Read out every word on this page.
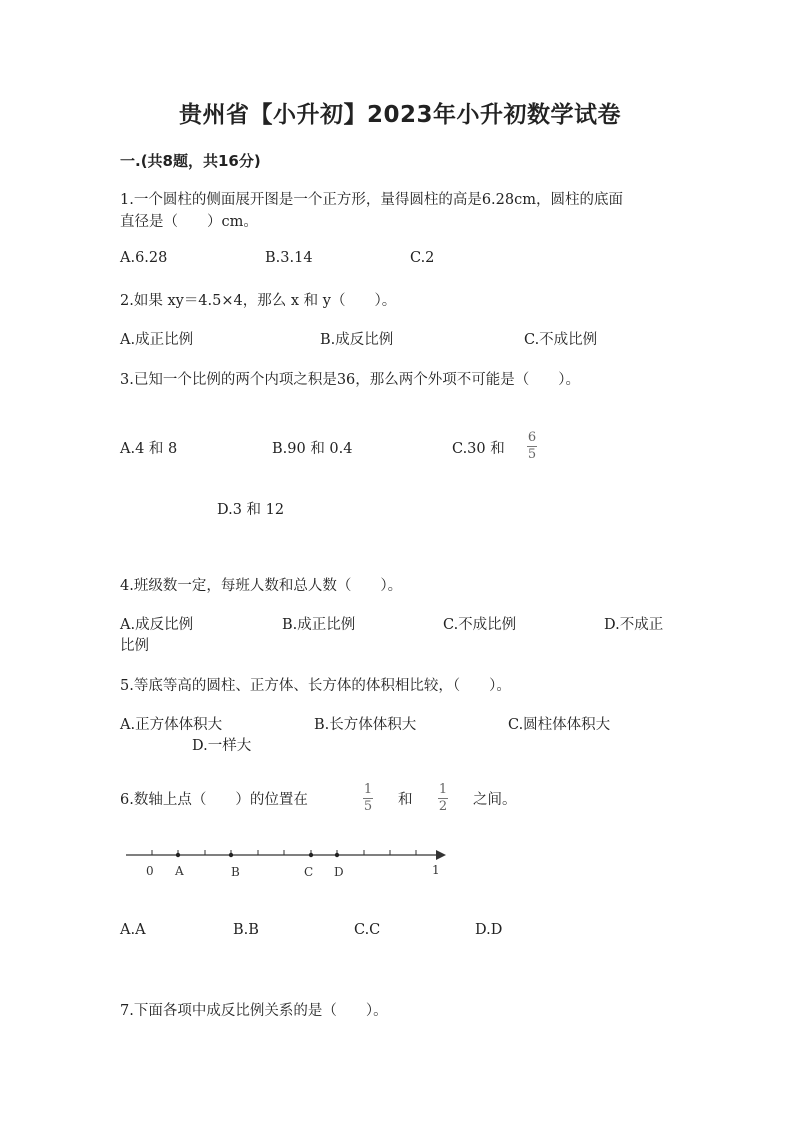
贵州省【小升初】2023年小升初数学试卷
一.(共8题，共16分)
1.一个圆柱的侧面展开图是一个正方形，量得圆柱的高是6.28cm，圆柱的底面
直径是（　　）cm。
A.6.28	B.3.14	C.2
2.如果 xy＝4.5×4，那么 x 和 y（　　）。
A.成正比例	B.成反比例	C.不成比例
3.已知一个比例的两个内项之积是36，那么两个外项不可能是（　　）。
A.4 和 8	B.90 和 0.4	C.30 和
6
5
D.3 和 12
4.班级数一定，每班人数和总人数（　　）。
A.成反比例	B.成正比例	C.不成比例	D.不成正
比例
5.等底等高的圆柱、正方体、长方体的体积相比较，（　　）。
A.正方体体积大	B.长方体体积大	C.圆柱体体积大
D.一样大
6.数轴上点（　　）的位置在
1
5 和
1
2 之间。
0 A	B	C D	1
A.A	B.B	C.C	D.D
7.下面各项中成反比例关系的是（　　）。
